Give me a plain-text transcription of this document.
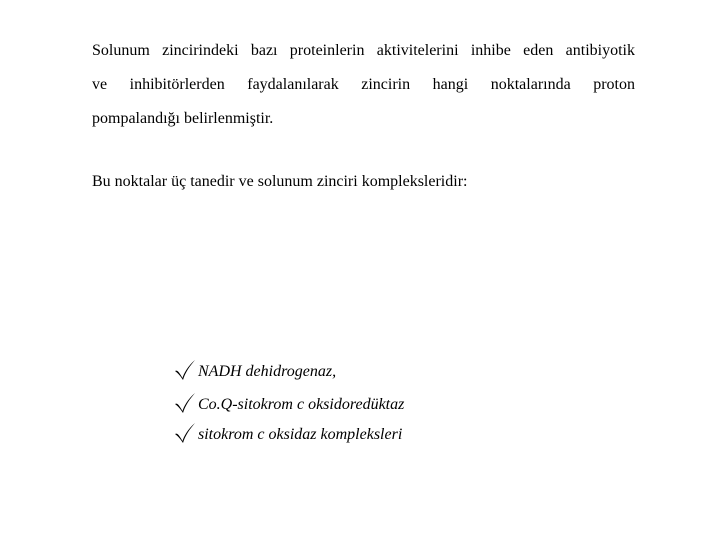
Solunum zincirindeki bazı proteinlerin aktivitelerini inhibe eden antibiyotik
ve inhibitörlerden faydalanılarak zincirin hangi noktalarında proton
pompalandığı belirlenmiştir.
Bu noktalar üç tanedir ve solunum zinciri kompleksleridir:
NADH dehidrogenaz,
Co.Q-sitokrom c oksidoredüktaz
sitokrom c oksidaz kompleksleri
